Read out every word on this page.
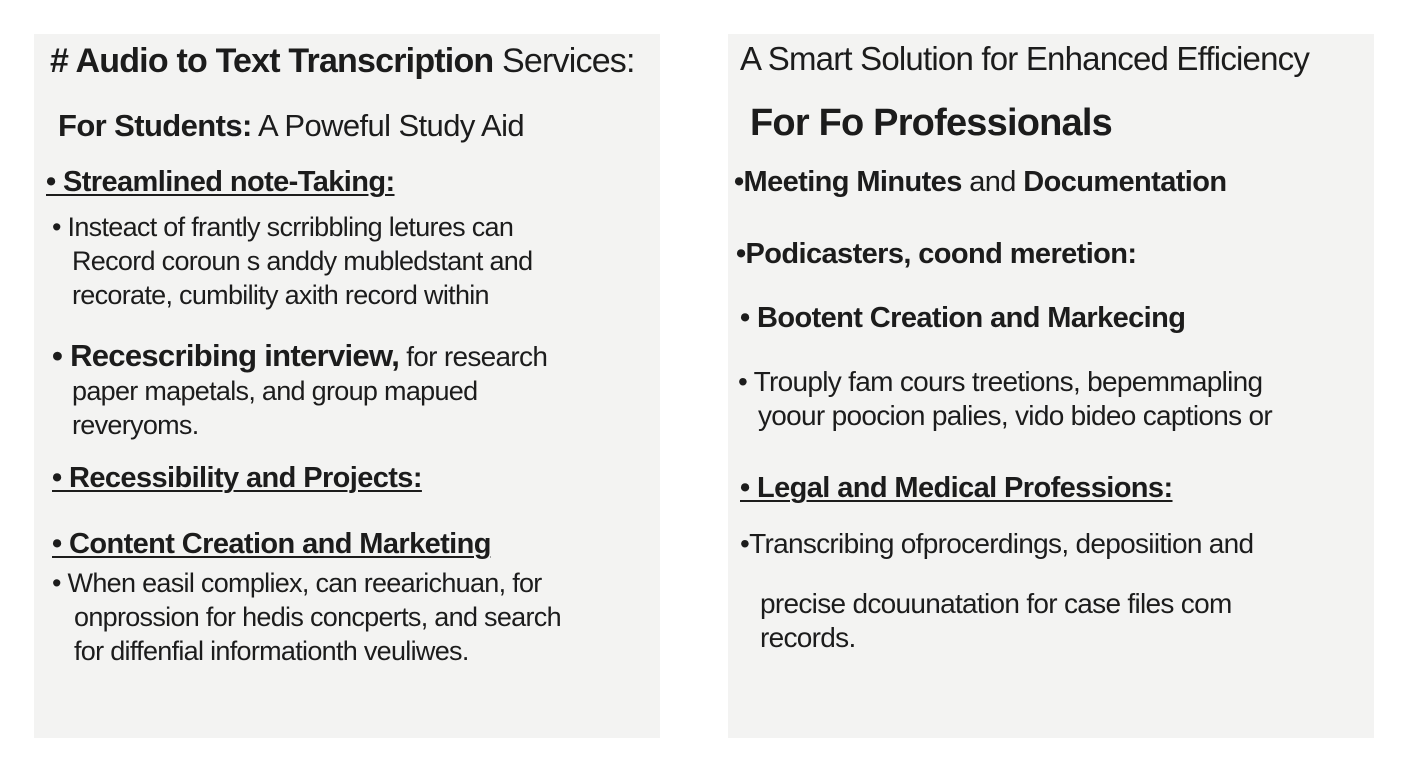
# Audio to Text Transcription Services:
For Students: A Poweful Study Aid
• Streamlined note-Taking:
• Insteact of frantly scrribbling letures can
Record coroun s anddy mubledstant and
recorate, cumbility axith record within
• Recescribing interview, for research
paper mapetals, and group mapued
reveryoms.
• Recessibility and Projects:
• Content Creation and Marketing
• When easil compliex, can reearichuan, for
onprossion for hedis concperts, and search
for diffenfial informationth veuliwes.
A Smart Solution for Enhanced Efficiency
For Fo Professionals
•Meeting Minutes and Documentation
•Podicasters, coond meretion:
• Bootent Creation and Markecing
• Trouply fam cours treetions, bepemmapling
yoour poocion palies, vido bideo captions or
• Legal and Medical Professions:
•Transcribing ofprocerdings, deposiition and
precise dcouunatation for case files com
records.
